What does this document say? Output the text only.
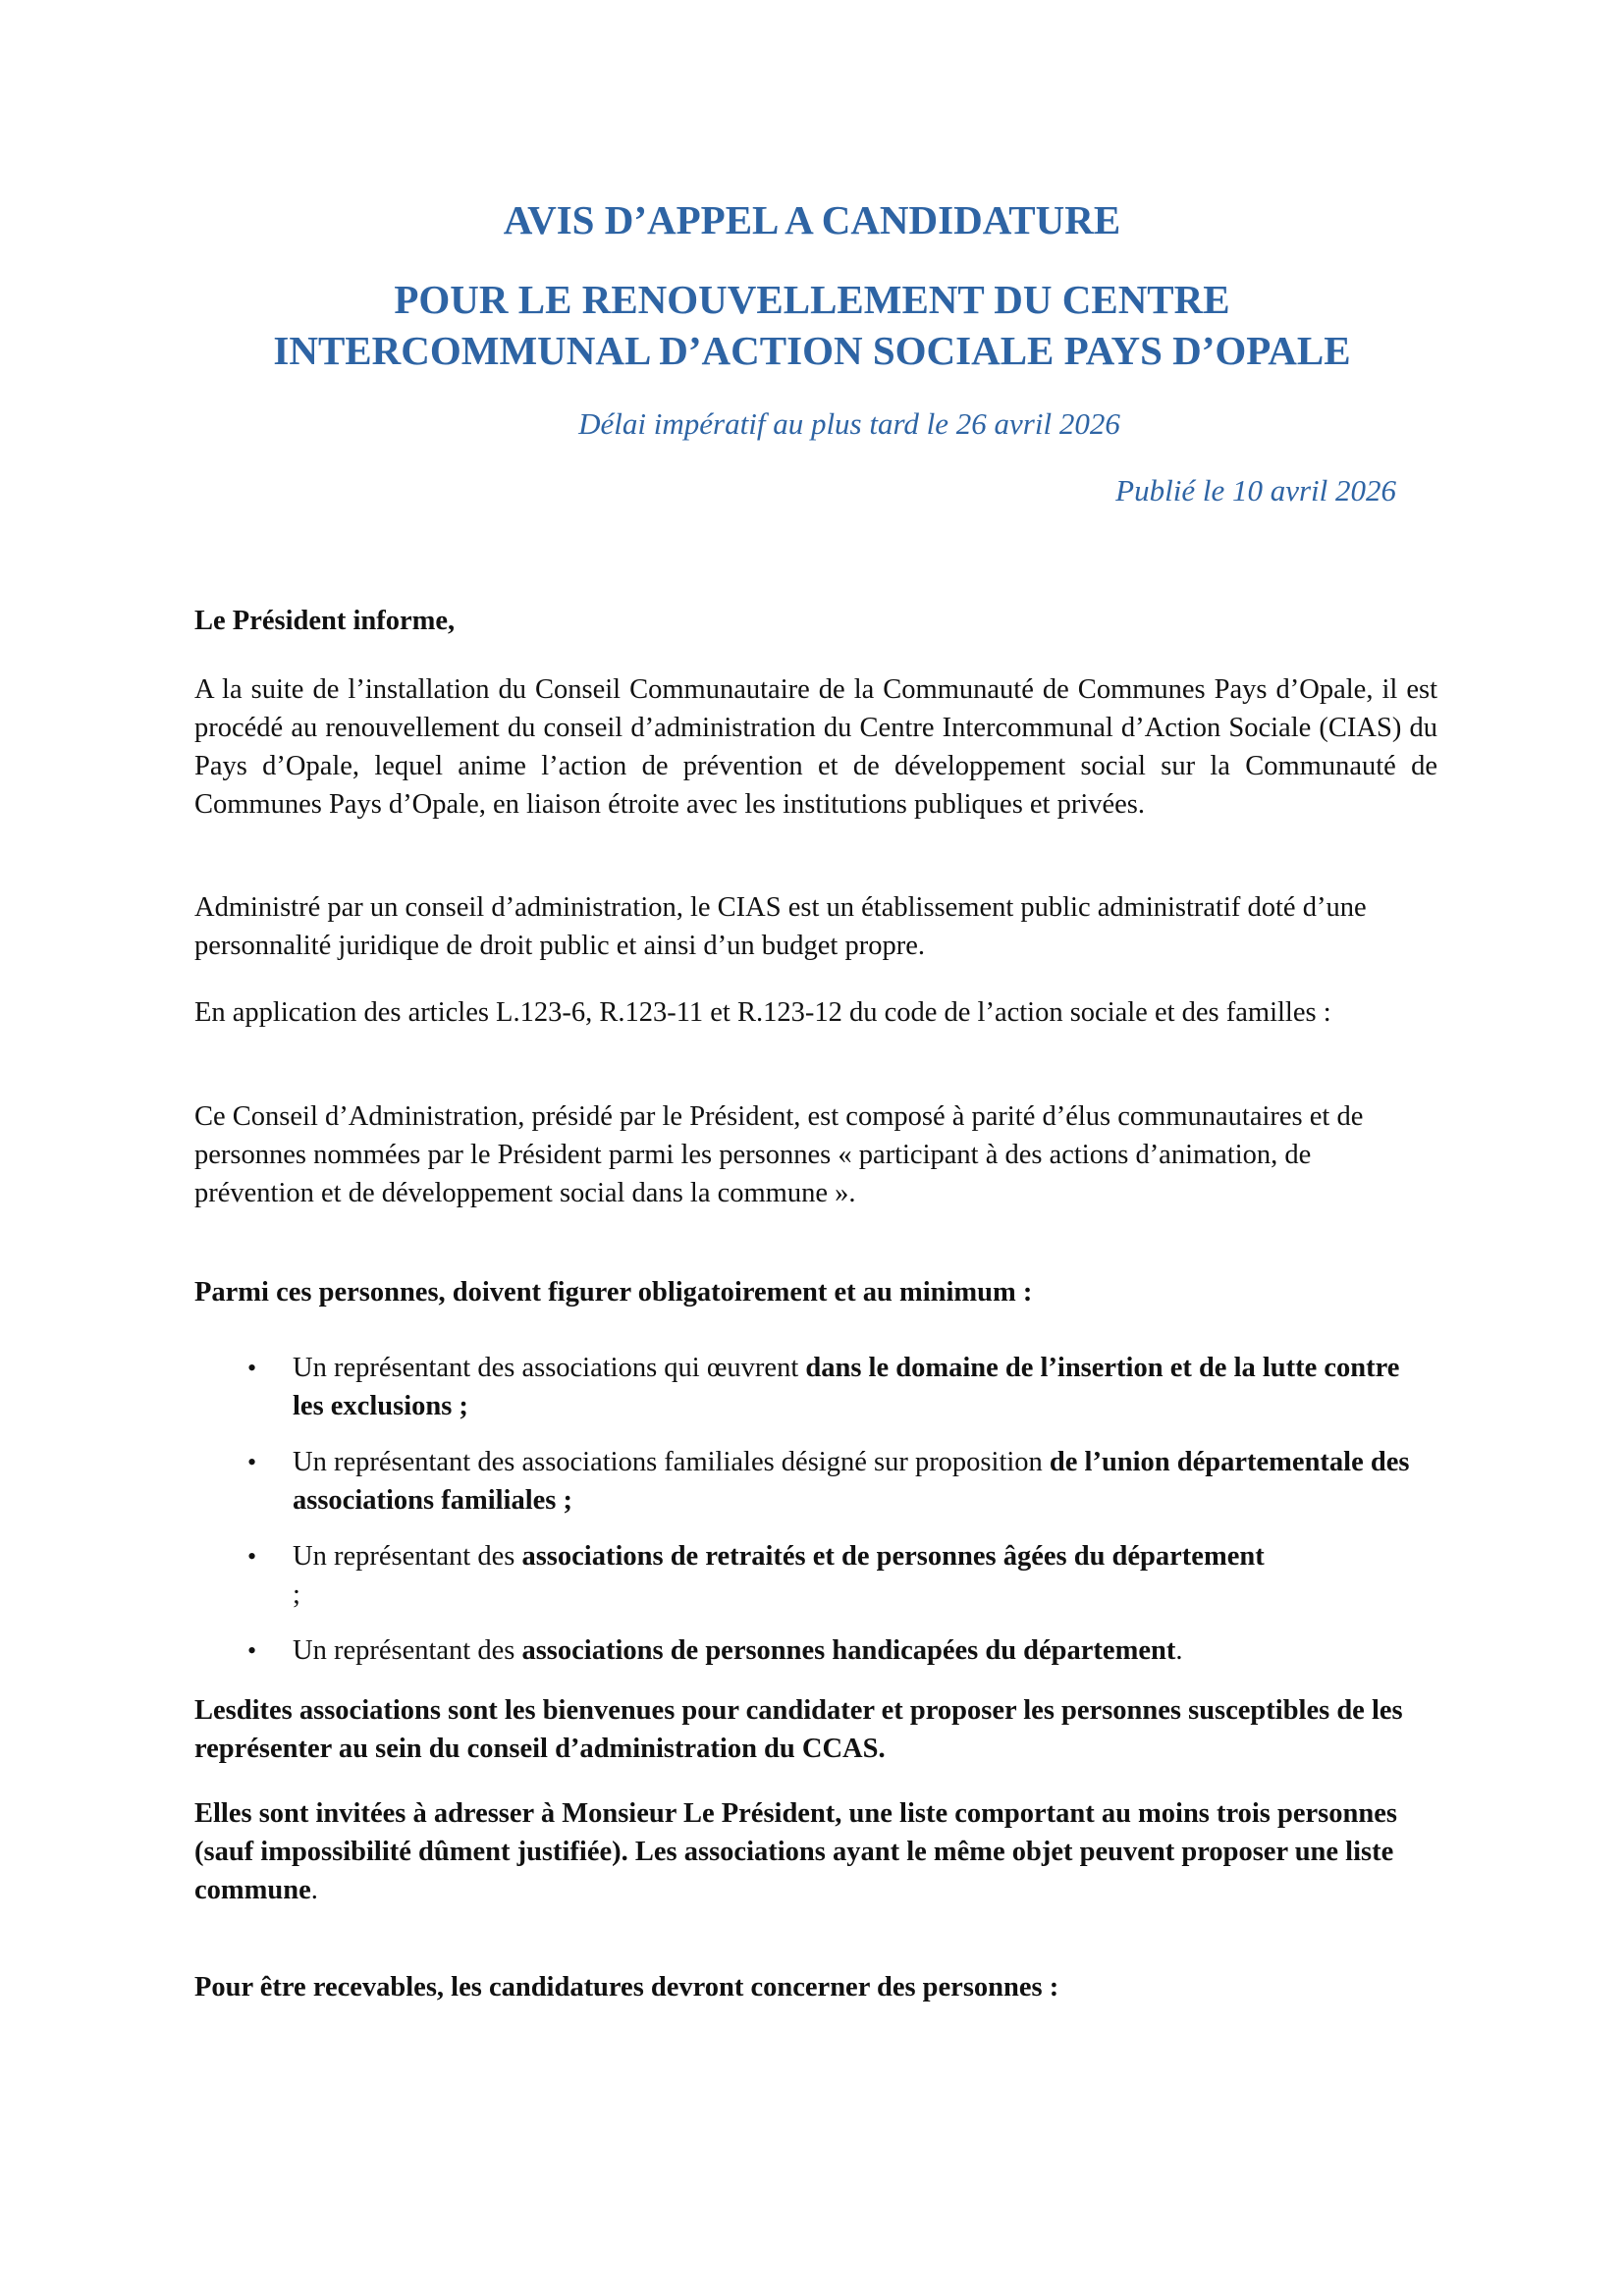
AVIS D’APPEL A CANDIDATURE
POUR LE RENOUVELLEMENT DU CENTRE
INTERCOMMUNAL D’ACTION SOCIALE PAYS D’OPALE
Délai impératif au plus tard le 26 avril 2026
Publié le 10 avril 2026

Le Président informe,

A la suite de l’installation du Conseil Communautaire de la Communauté de Communes Pays d’Opale, il est procédé au renouvellement du conseil d’administration du Centre Intercommunal d’Action Sociale (CIAS) du Pays d’Opale, lequel anime l’action de prévention et de développement social sur la Communauté de Communes Pays d’Opale, en liaison étroite avec les institutions publiques et privées.

Administré par un conseil d’administration, le CIAS est un établissement public administratif doté d’une personnalité juridique de droit public et ainsi d’un budget propre.

En application des articles L.123-6, R.123-11 et R.123-12 du code de l’action sociale et des familles :

Ce Conseil d’Administration, présidé par le Président, est composé à parité d’élus communautaires et de personnes nommées par le Président parmi les personnes « participant à des actions d’animation, de prévention et de développement social dans la commune ».

Parmi ces personnes, doivent figurer obligatoirement et au minimum :

• Un représentant des associations qui œuvrent dans le domaine de l’insertion et de la lutte contre les exclusions ;
• Un représentant des associations familiales désigné sur proposition de l’union départementale des associations familiales ;
• Un représentant des associations de retraités et de personnes âgées du département ;
• Un représentant des associations de personnes handicapées du département.

Lesdites associations sont les bienvenues pour candidater et proposer les personnes susceptibles de les représenter au sein du conseil d’administration du CCAS.

Elles sont invitées à adresser à Monsieur Le Président, une liste comportant au moins trois personnes (sauf impossibilité dûment justifiée). Les associations ayant le même objet peuvent proposer une liste commune.

Pour être recevables, les candidatures devront concerner des personnes :
